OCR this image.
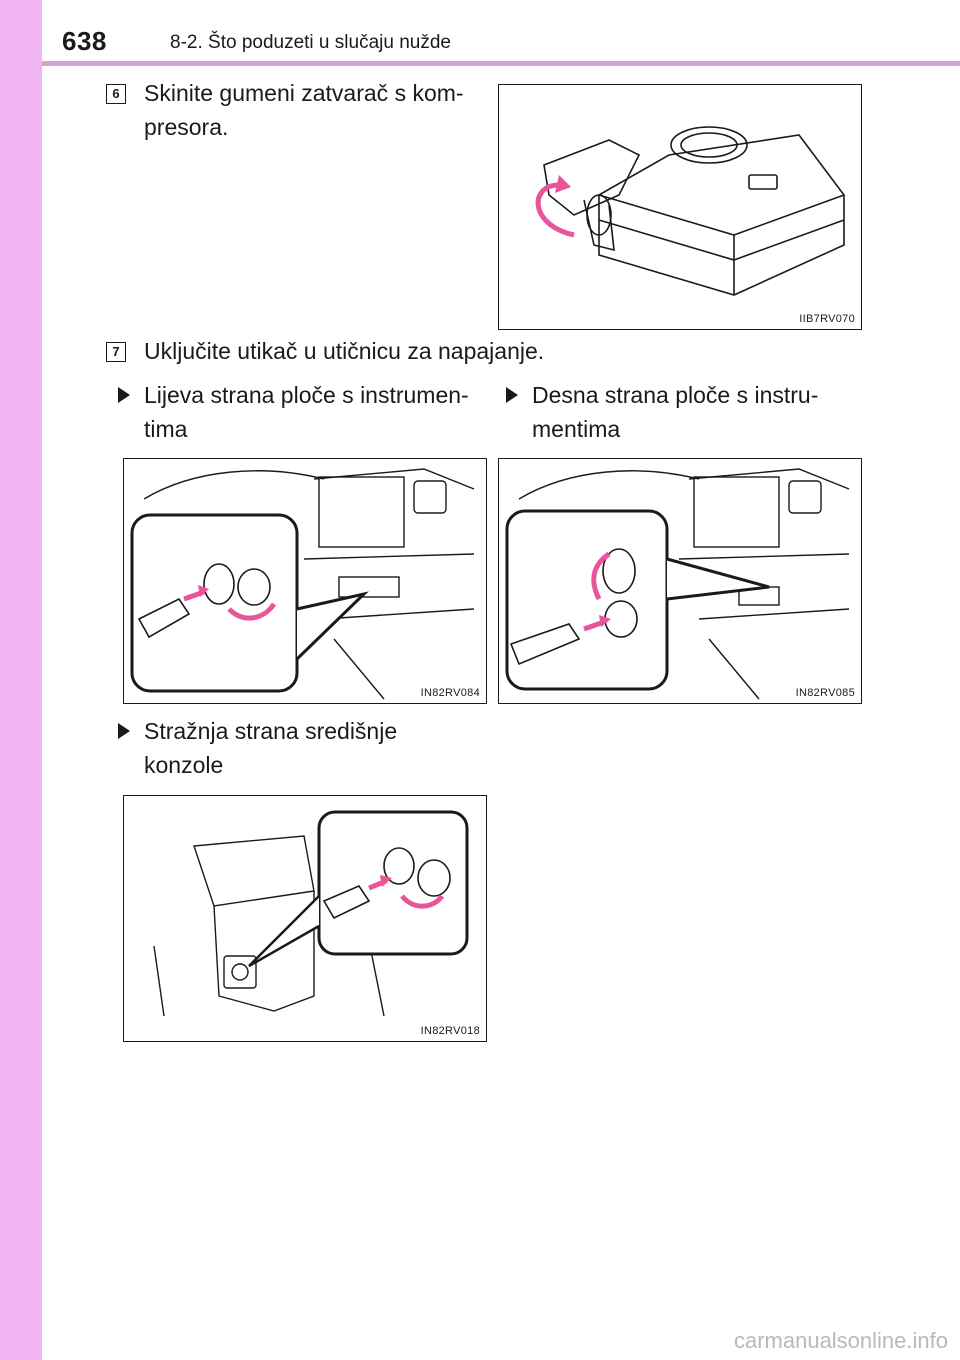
638	8-2. Što poduzeti u slučaju nužde
6 Skinite gumeni zatvarač s kom-
presora.
IIB7RV070
7 Uključite utikač u utičnicu za napajanje.
Lijeva strana ploče s instrumen-
tima
Desna strana ploče s instru-
mentima
IN82RV084	IN82RV085
Stražnja strana središnje
konzole
IN82RV018
carmanualsonline.info
